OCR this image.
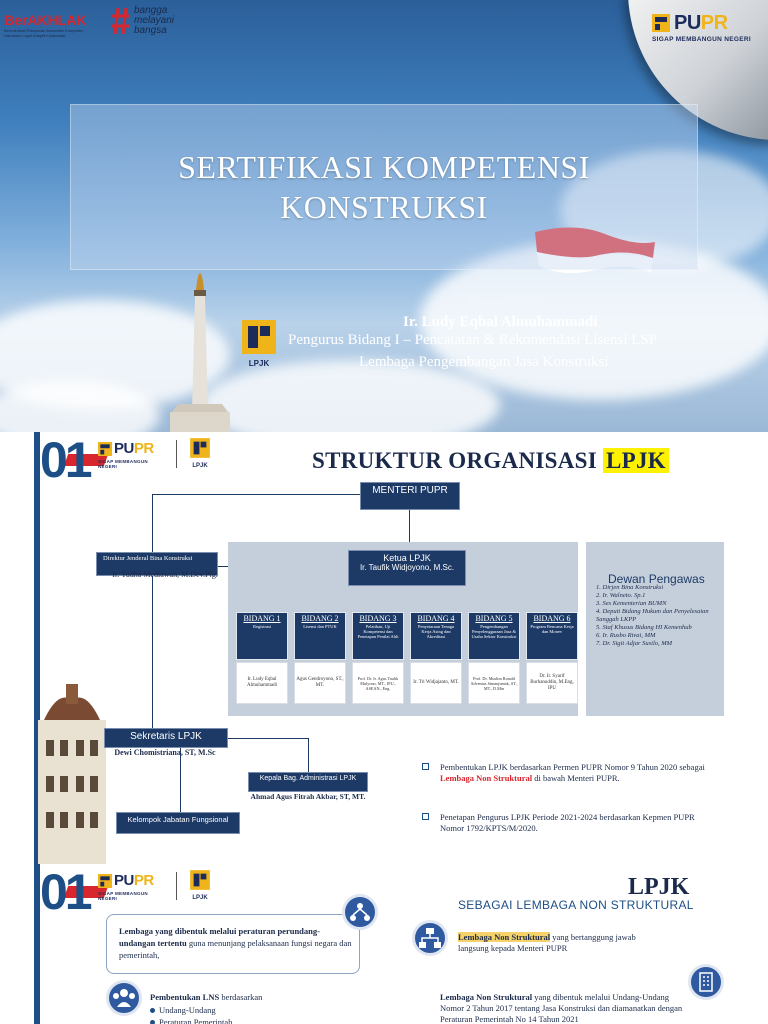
BerAKHLAK
Berorientasi Pelayanan Akuntabel Kompeten Harmonis Loyal Adaptif Kolaboratif
bangga
melayani
bangsa	PUPR
SIGAP MEMBANGUN NEGERI
SERTIFIKASI KOMPETENSI
KONSTRUKSI
Disampaikan oleh:
Ir. Ludy Eqbal Almuhammadi
Pengurus Bidang I – Pencatatan & Rekomendasi Lisensi LSP
Lembaga Pengembangan Jasa Konstruksi
LPJK
01 PUPR
SIGAP MEMBANGUN NEGERI	LPJK	STRUKTUR ORGANISASI LPJK
MENTERI PUPR
Ketua LPJK
Ir. Taufik Widjoyono, M.Sc.
BIDANG 1
Registrasi
BIDANG 2
Lisensi dan PTUK
BIDANG 3
Pelatihan, Uji Kompetensi dan Penetapan Penilai Ahli
BIDANG 4
Penyetaraan Tenaga Kerja Asing dan Akreditasi
BIDANG 5
Pengembangan Penyelenggaraan Jasa & Usaha Sektor Konstruksi
BIDANG 6
Program Rencana Kerja dan Monev
Ir. Ludy Eqbal Almuhammadi
Agus Gendroyono, ST., MT.
Prof. Dr. Ir. Agus Taufik Mulyono, MT., IPU., ASEAN., Eng.
Ir. Tri Widjajanto, MT.
Prof. Dr. Muslim Ronald Adventus Simanjuntak, ST., MT., D.Min
Dr. Ir. Syarif Burhanuddin, M.Eng, IPU
1. Dirjen Bina Konstruksi
2. Ir. Walneto. Sp.1
3. Ses Kementerian BUMN
4. Deputi Bidang Hukum dan Penyelesaian Sanggah LKPP
5. Staf Khusus Bidang HI Kemenhub
6. Ir. Rusbo Rivai, MM
7. Dr. Sigit Adjar Susilo, MM
Dewan Pengawas
Direktur Jenderal Bina Konstruksi
Ir. Yudha Mediawan, M.Dev.Plg.
Sekretaris LPJK
Dewi Chomistriana, ST, M.Sc
Kepala Bag. Administrasi LPJK
Ahmad Agus Fitrah Akbar, ST, MT.
Kelompok Jabatan Fungsional
Pembentukan LPJK berdasarkan Permen PUPR Nomor 9 Tahun 2020 sebagai Lembaga Non Struktural di bawah Menteri PUPR.
Penetapan Pengurus LPJK Periode 2021-2024 berdasarkan Kepmen PUPR Nomor 1792/KPTS/M/2020.
01 PUPR
SIGAP MEMBANGUN NEGERI	LPJK	LPJK
SEBAGAI LEMBAGA NON STRUKTURAL

Lembaga yang dibentuk melalui peraturan perundang-undangan tertentu guna menunjang pelaksanaan fungsi negara dan pemerintah,

Pembentukan LNS berdasarkan
Undang-Undang
Peraturan Pemerintah
Lembaga Non Struktural yang bertanggung jawab langsung kepada Menteri PUPR
Lembaga Non Struktural yang dibentuk melalui Undang-Undang Nomor 2 Tahun 2017 tentang Jasa Konstruksi dan diamanatkan dengan Peraturan Pemerintah No 14 Tahun 2021
